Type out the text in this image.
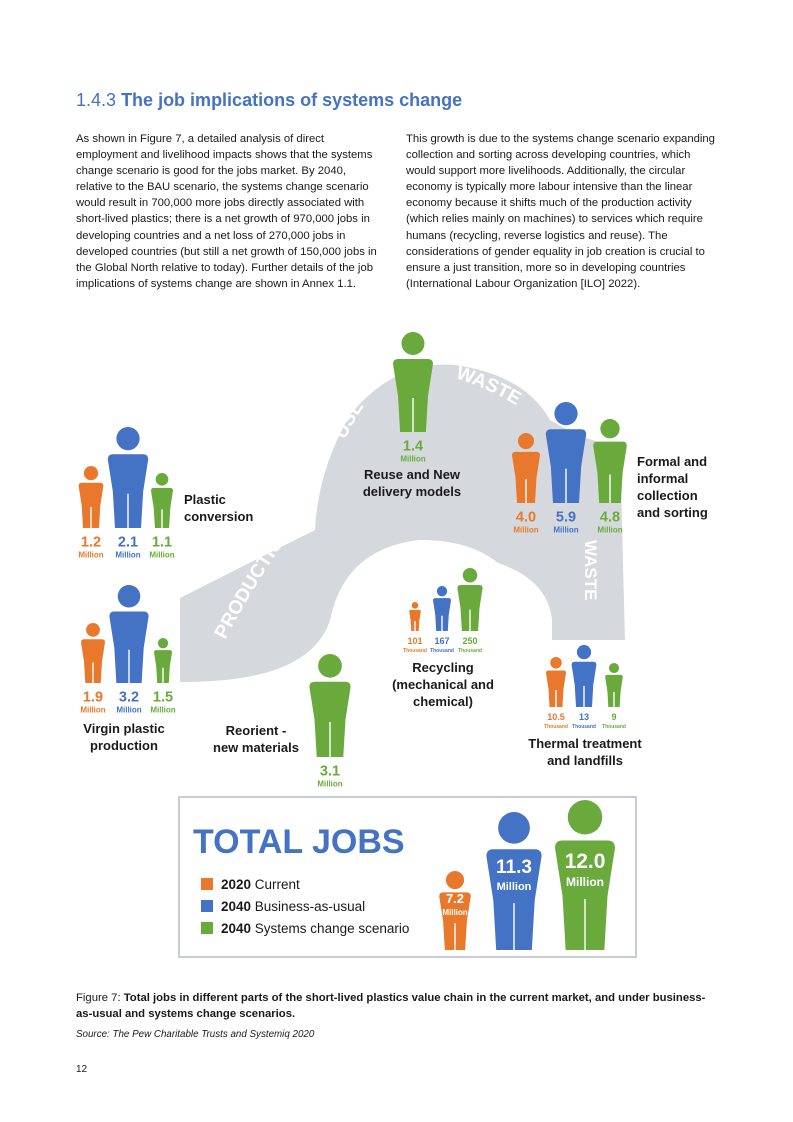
1.4.3 The job implications of systems change

As shown in Figure 7, a detailed analysis of direct employment and livelihood impacts shows that the systems change scenario is good for the jobs market. By 2040, relative to the BAU scenario, the systems change scenario would result in 700,000 more jobs directly associated with short-lived plastics; there is a net growth of 970,000 jobs in developing countries and a net loss of 270,000 jobs in developed countries (but still a net growth of 150,000 jobs in the Global North relative to today). Further details of the job implications of systems change are shown in Annex 1.1.

This growth is due to the systems change scenario expanding collection and sorting across developing countries, which would support more livelihoods. Additionally, the circular economy is typically more labour intensive than the linear economy because it shifts much of the production activity (which relies mainly on machines) to services which require humans (recycling, reverse logistics and reuse). The considerations of gender equality in job creation is crucial to ensure a just transition, more so in developing countries (International Labour Organization [ILO] 2022).

PRODUCTION
USE
WASTE
WASTE
1.9
Million
3.2
Million
1.5
Million
Virgin plastic production
1.2
Million
2.1
Million
1.1
Million
Plastic conversion
3.1
Million
Reorient -new materials
1.4
Million
Reuse and New delivery models
4.0
Million
5.9
Million
4.8
Million
Formal and informal collection and sorting
101
Thousand
167
Thousand
250
Thousand
Recycling (mechanical and chemical)
10.5
Thousand
13
Thousand
9
Thousand
Thermal treatment and landfills
TOTAL JOBS
2020 Current
2040 Business-as-usual
2040 Systems change scenario
7.2
Million
11.3
Million
12.0
Million

Figure 7: Total jobs in different parts of the short-lived plastics value chain in the current market, and under business-as-usual and systems change scenarios.

Source: The Pew Charitable Trusts and Systemiq 2020

12
